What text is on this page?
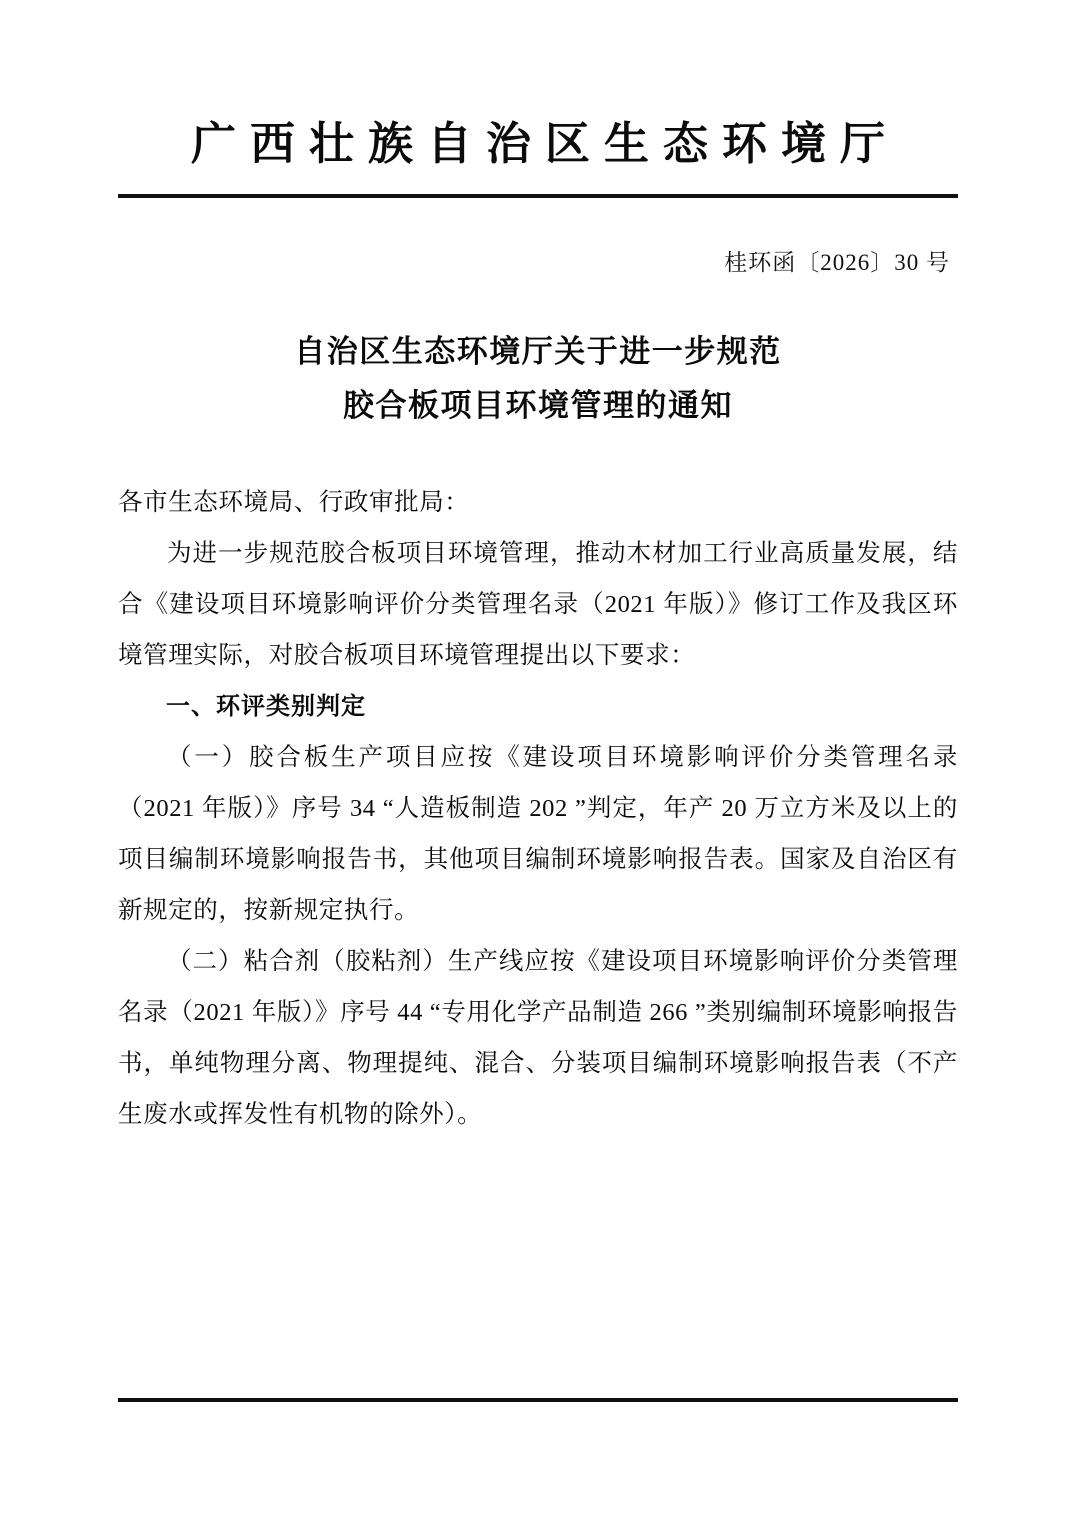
广西壮族自治区生态环境厅
桂环函〔2026〕30 号
自治区生态环境厅关于进一步规范
胶合板项目环境管理的通知

各市生态环境局、行政审批局：

为进一步规范胶合板项目环境管理，推动木材加工行业高质量发展，结合《建设项目环境影响评价分类管理名录（2021 年版）》修订工作及我区环境管理实际，对胶合板项目环境管理提出以下要求：

一、环评类别判定

（一）胶合板生产项目应按《建设项目环境影响评价分类管理名录（2021 年版）》序号 34 “人造板制造 202 ”判定，年产 20 万立方米及以上的项目编制环境影响报告书，其他项目编制环境影响报告表。国家及自治区有新规定的，按新规定执行。

（二）粘合剂（胶粘剂）生产线应按《建设项目环境影响评价分类管理名录（2021 年版）》序号 44 “专用化学产品制造 266 ”类别编制环境影响报告书，单纯物理分离、物理提纯、混合、分装项目编制环境影响报告表（不产生废水或挥发性有机物的除外）。
